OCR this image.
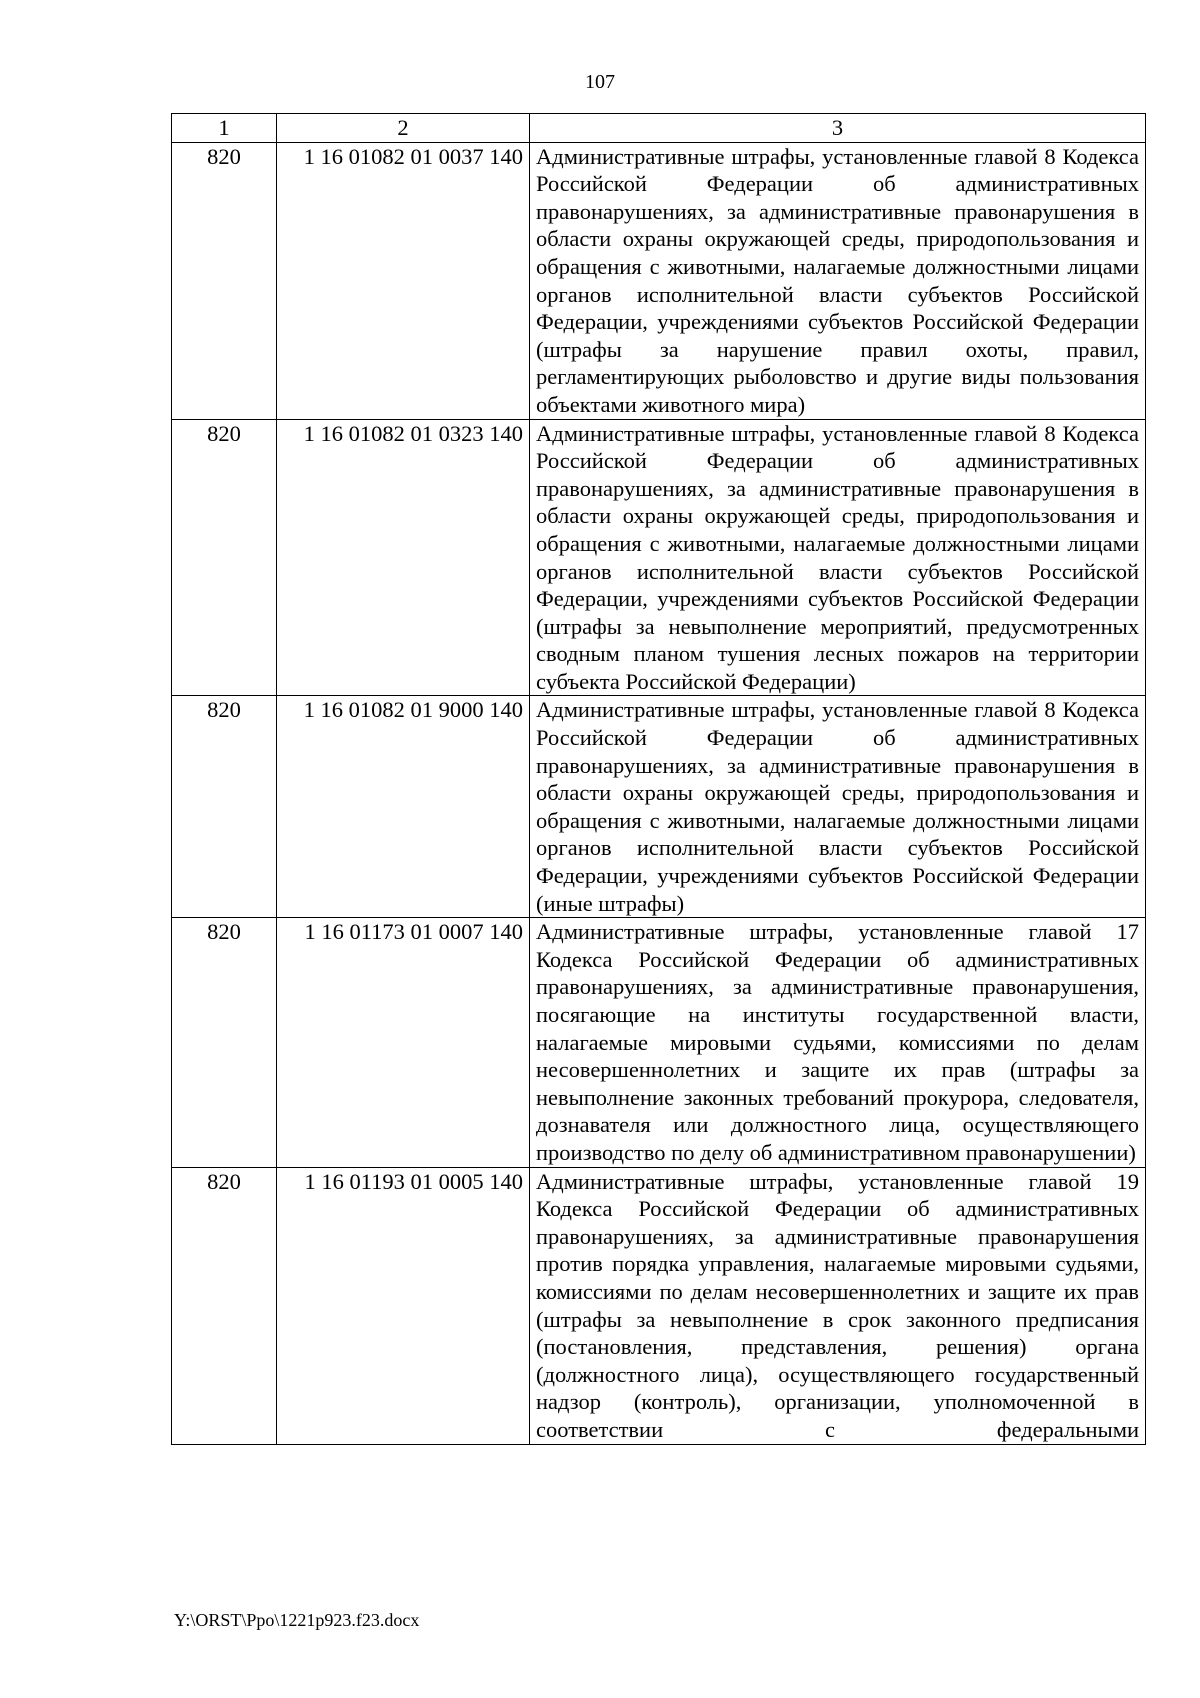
107
1	2	3
820	1 16 01082 01 0037 140	Административные штрафы, установленные главой 8 Кодекса Российской Федерации об административных правонарушениях, за административные правонарушения в области охраны окружающей среды, природопользования и обращения с животными, налагаемые должностными лицами органов исполнительной власти субъектов Российской Федерации, учреждениями субъектов Российской Федерации (штрафы за нарушение правил охоты, правил, регламентирующих рыболовство и другие виды пользования объектами животного мира)
820	1 16 01082 01 0323 140	Административные штрафы, установленные главой 8 Кодекса Российской Федерации об административных правонарушениях, за административные правонарушения в области охраны окружающей среды, природопользования и обращения с животными, налагаемые должностными лицами органов исполнительной власти субъектов Российской Федерации, учреждениями субъектов Российской Федерации (штрафы за невыполнение мероприятий, предусмотренных сводным планом тушения лесных пожаров на территории субъекта Российской Федерации)
820	1 16 01082 01 9000 140	Административные штрафы, установленные главой 8 Кодекса Российской Федерации об административных правонарушениях, за административные правонарушения в области охраны окружающей среды, природопользования и обращения с животными, налагаемые должностными лицами органов исполнительной власти субъектов Российской Федерации, учреждениями субъектов Российской Федерации (иные штрафы)
820	1 16 01173 01 0007 140	Административные штрафы, установленные главой 17 Кодекса Российской Федерации об административных правонарушениях, за административные правонарушения, посягающие на институты государственной власти, налагаемые мировыми судьями, комиссиями по делам несовершеннолетних и защите их прав (штрафы за невыполнение законных требований прокурора, следователя, дознавателя или должностного лица, осуществляющего производство по делу об административном правонарушении)
820	1 16 01193 01 0005 140	Административные штрафы, установленные главой 19 Кодекса Российской Федерации об административных правонарушениях, за административные правонарушения против порядка управления, налагаемые мировыми судьями, комиссиями по делам несовершеннолетних и защите их прав (штрафы за невыполнение в срок законного предписания (постановления, представления, решения) органа (должностного лица), осуществляющего государственный надзор (контроль), организации, уполномоченной в соответствии с федеральными
Y:\ORST\Ppo\1221p923.f23.docx
